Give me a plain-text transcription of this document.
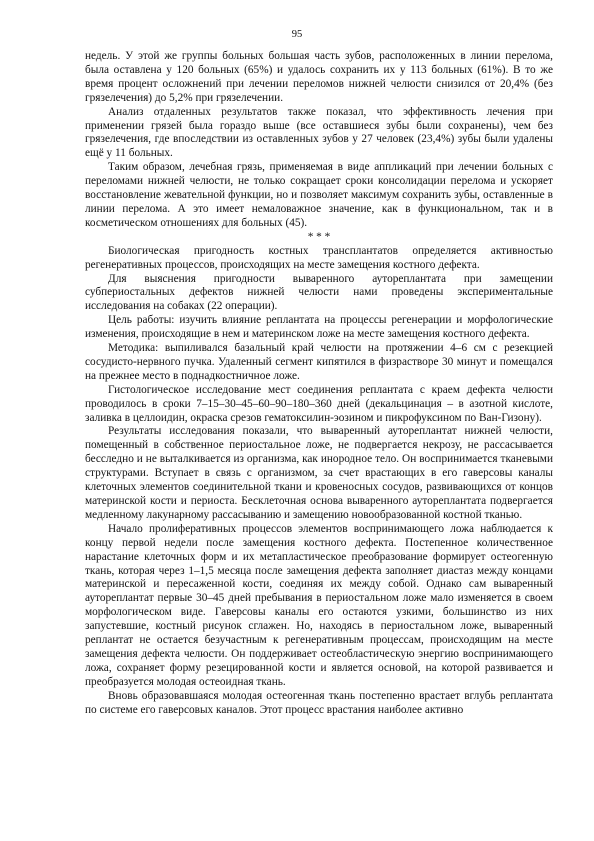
95

недель. У этой же группы больных большая часть зубов, расположенных в линии перелома, была оставлена у 120 больных (65%) и удалось сохранить их у 113 больных (61%). В то же время процент осложнений при лечении переломов нижней челюсти снизился от 20,4% (без грязелечения) до 5,2% при грязелечении.

Анализ отдаленных результатов также показал, что эффективность лечения при применении грязей была гораздо выше (все оставшиеся зубы были сохранены), чем без грязелечения, где впоследствии из оставленных зубов у 27 человек (23,4%) зубы были удалены ещё у 11 больных.

Таким образом, лечебная грязь, применяемая в виде аппликаций при лечении больных с переломами нижней челюсти, не только сокращает сроки консолидации перелома и ускоряет восстановление жевательной функции, но и позволяет максимум сохранить зубы, оставленные в линии перелома. А это имеет немаловажное значение, как в функциональном, так и в косметическом отношениях для больных (45).

* * *

Биологическая пригодность костных трансплантатов определяется активностью регенеративных процессов, происходящих на месте замещения костного дефекта.

Для выяснения пригодности вываренного аутореплантата при замещении субпериостальных дефектов нижней челюсти нами проведены экспериментальные исследования на собаках (22 операции).

Цель работы: изучить влияние реплантата на процессы регенерации и морфологические изменения, происходящие в нем и материнском ложе на месте замещения костного дефекта.

Методика: выпиливался базальный край челюсти на протяжении 4–6 см с резекцией сосудисто-нервного пучка. Удаленный сегмент кипятился в физрастворе 30 минут и помещался на прежнее место в поднадкостничное ложе.

Гистологическое исследование мест соединения реплантата с краем дефекта челюсти проводилось в сроки 7–15–30–45–60–90–180–360 дней (декальцинация – в азотной кислоте, заливка в целлоидин, окраска срезов гематоксилин-эозином и пикрофуксином по Ван-Гизону).

Результаты исследования показали, что вываренный аутореплантат нижней челюсти, помещенный в собственное периостальное ложе, не подвергается некрозу, не рассасывается бесследно и не выталкивается из организма, как инородное тело. Он воспринимается тканевыми структурами. Вступает в связь с организмом, за счет врастающих в его гаверсовы каналы клеточных элементов соединительной ткани и кровеносных сосудов, развивающихся от концов материнской кости и периоста. Бесклеточная основа вываренного аутореплантата подвергается медленному лакунарному рассасыванию и замещению новообразованной костной тканью.

Начало пролиферативных процессов элементов воспринимающего ложа наблюдается к концу первой недели после замещения костного дефекта. Постепенное количественное нарастание клеточных форм и их метапластическое преобразование формирует остеогенную ткань, которая через 1–1,5 месяца после замещения дефекта заполняет диастаз между концами материнской и пересаженной кости, соединяя их между собой. Однако сам вываренный аутореплантат первые 30–45 дней пребывания в периостальном ложе мало изменяется в своем морфологическом виде. Гаверсовы каналы его остаются узкими, большинство из них запустевшие, костный рисунок сглажен. Но, находясь в периостальном ложе, вываренный реплантат не остается безучастным к регенеративным процессам, происходящим на месте замещения дефекта челюсти. Он поддерживает остеобластическую энергию воспринимающего ложа, сохраняет форму резецированной кости и является основой, на которой развивается и преобразуется молодая остеоидная ткань.

Вновь образовавшаяся молодая остеогенная ткань постепенно врастает вглубь реплантата по системе его гаверсовых каналов. Этот процесс врастания наиболее активно
